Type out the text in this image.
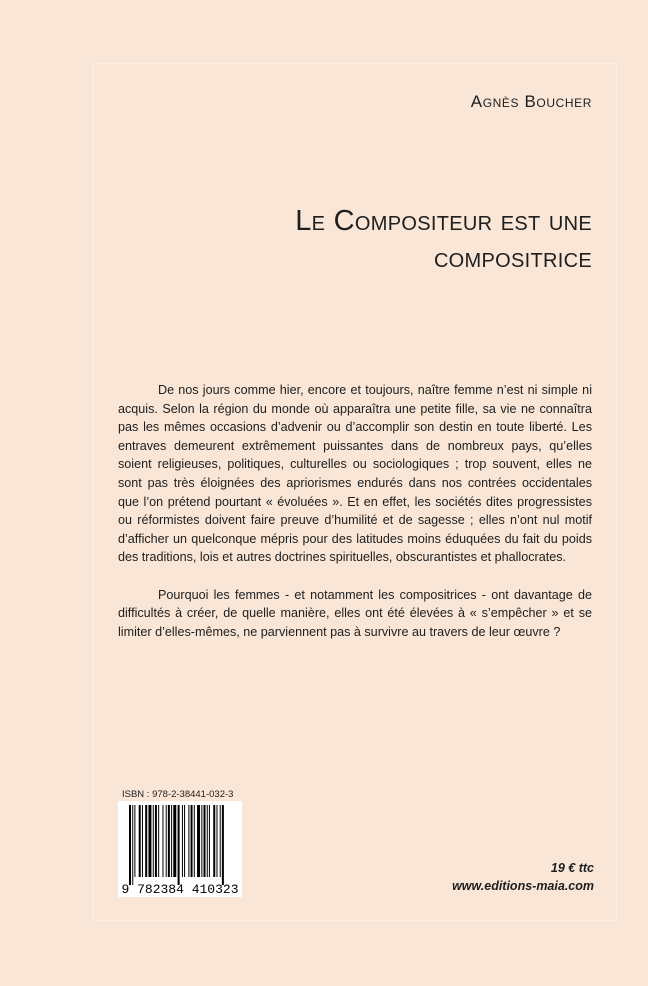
Agnès Boucher
Le Compositeur est une compositrice

De nos jours comme hier, encore et toujours, naître femme n’est ni simple ni acquis. Selon la région du monde où apparaîtra une petite fille, sa vie ne connaîtra pas les mêmes occasions d’advenir ou d’accomplir son destin en toute liberté. Les entraves demeurent extrêmement puissantes dans de nombreux pays, qu’elles soient religieuses, politiques, culturelles ou sociologiques ; trop souvent, elles ne sont pas très éloignées des apriorismes endurés dans nos contrées occidentales que l’on prétend pourtant « évoluées ». Et en effet, les sociétés dites progressistes ou réformistes doivent faire preuve d’humilité et de sagesse ; elles n’ont nul motif d’afficher un quelconque mépris pour des latitudes moins éduquées du fait du poids des traditions, lois et autres doctrines spirituelles, obscurantistes et phallocrates.

Pourquoi les femmes - et notamment les compositrices - ont davantage de difficultés à créer, de quelle manière, elles ont été élevées à « s’empêcher » et se limiter d’elles-mêmes, ne parviennent pas à survivre au travers de leur œuvre ?

ISBN : 978-2-38441-032-3
9 782384 410323
19 € ttc
www.editions-maia.com
